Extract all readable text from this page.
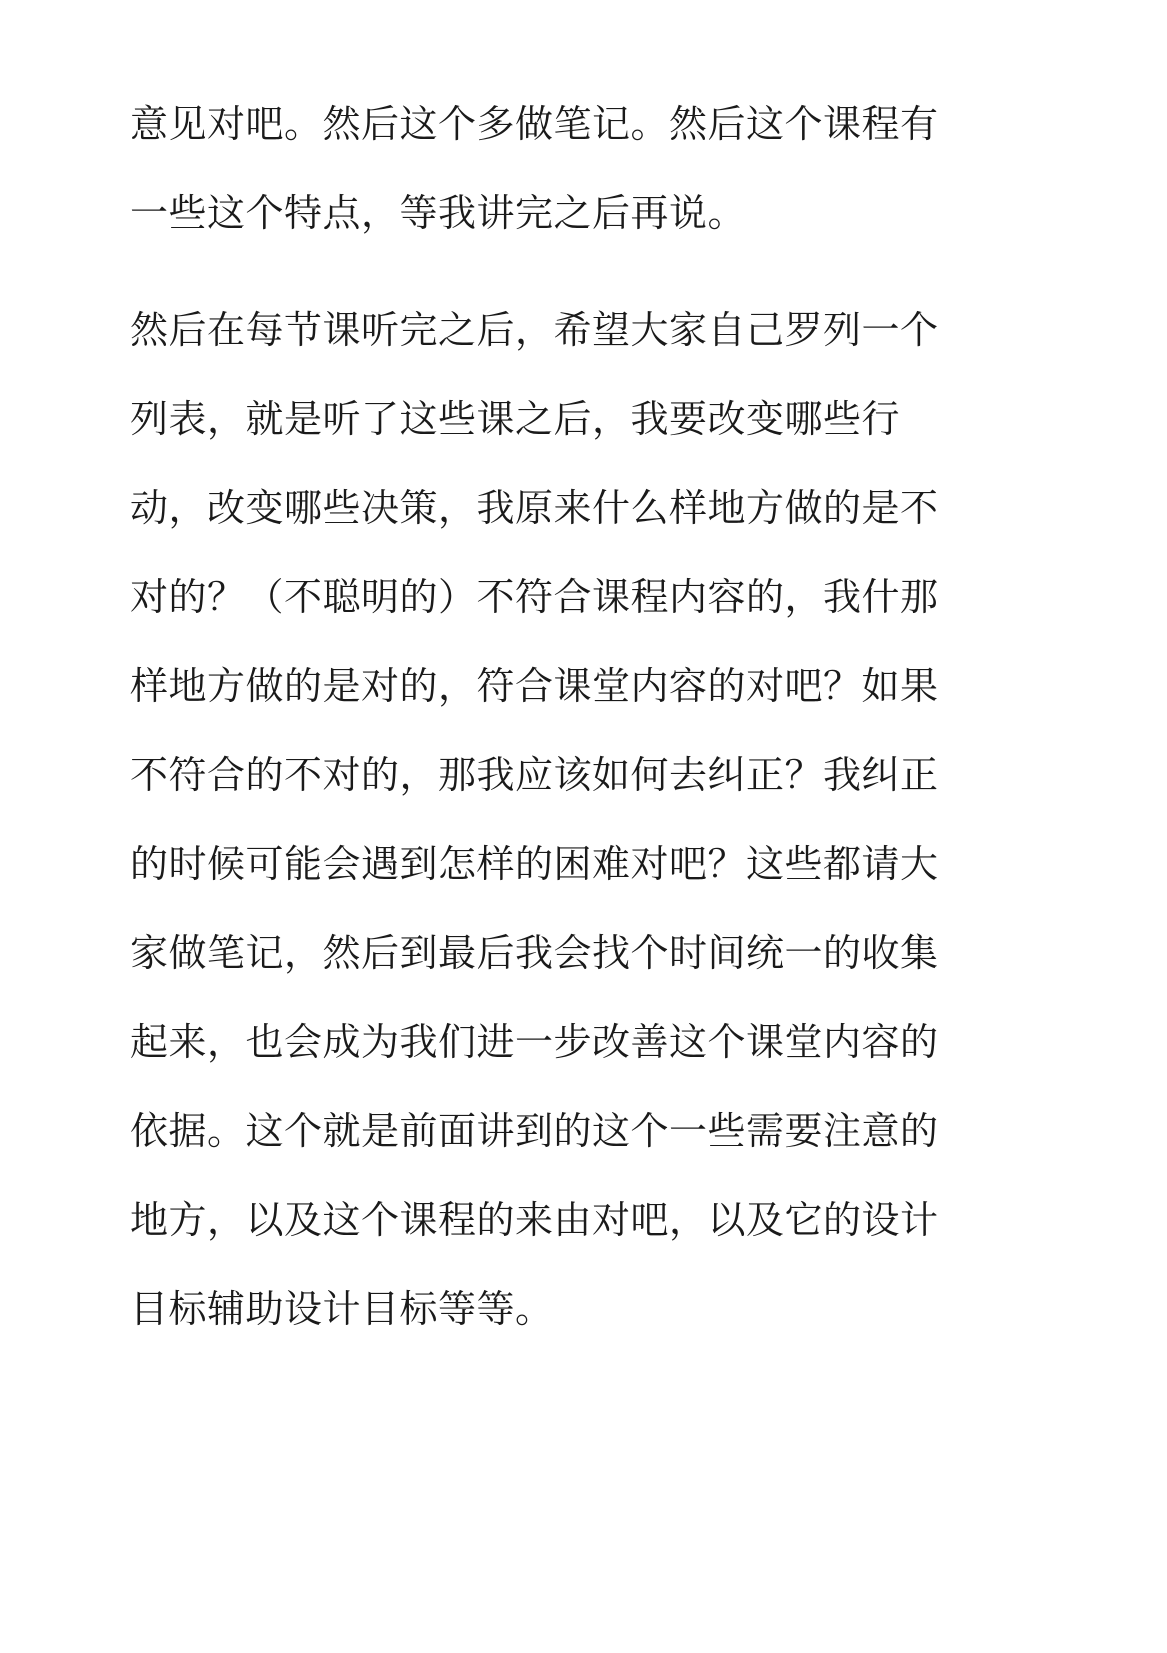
意见对吧。然后这个多做笔记。然后这个课程有
一些这个特点，等我讲完之后再说。
然后在每节课听完之后，希望大家自己罗列一个
列表，就是听了这些课之后，我要改变哪些行
动，改变哪些决策，我原来什么样地方做的是不
对的？（不聪明的）不符合课程内容的，我什那
样地方做的是对的，符合课堂内容的对吧？如果
不符合的不对的，那我应该如何去纠正？我纠正
的时候可能会遇到怎样的困难对吧？这些都请大
家做笔记，然后到最后我会找个时间统一的收集
起来，也会成为我们进一步改善这个课堂内容的
依据。这个就是前面讲到的这个一些需要注意的
地方，以及这个课程的来由对吧，以及它的设计
目标辅助设计目标等等。
